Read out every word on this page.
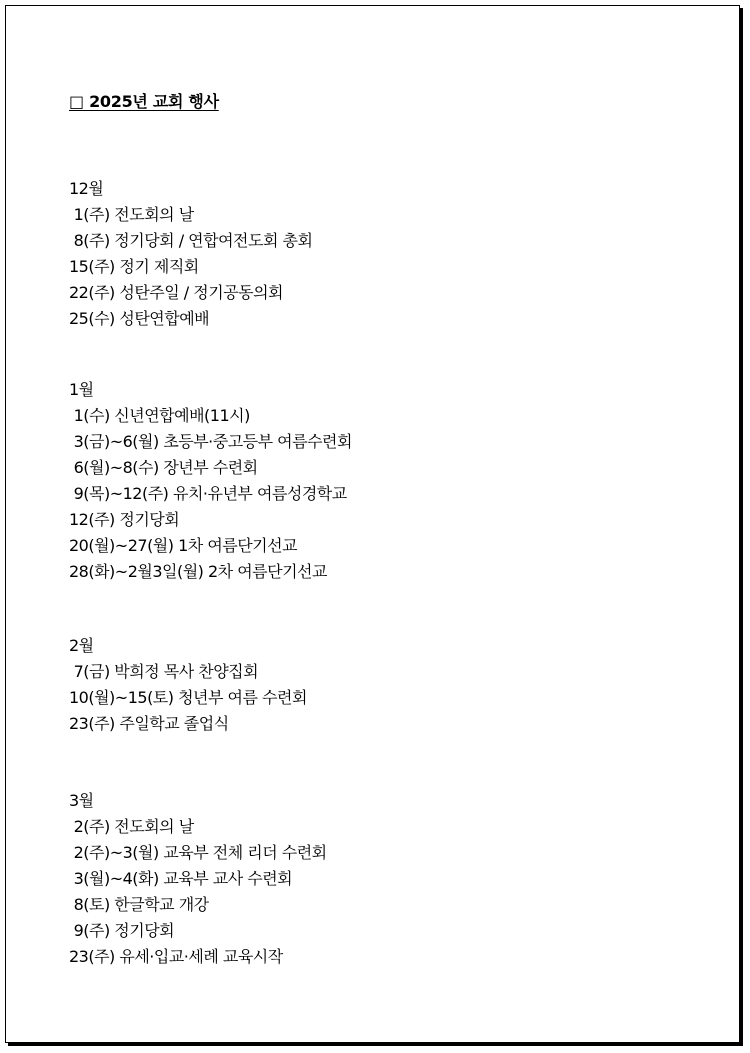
□ 2025년 교회 행사
12월
1(주) 전도회의 날
8(주) 정기당회 / 연합여전도회 총회
15(주) 정기 제직회
22(주) 성탄주일 / 정기공동의회
25(수) 성탄연합예배
1월
1(수) 신년연합예배(11시)
3(금)~6(월) 초등부·중고등부 여름수련회
6(월)~8(수) 장년부 수련회
9(목)~12(주) 유치·유년부 여름성경학교
12(주) 정기당회
20(월)~27(월) 1차 여름단기선교
28(화)~2월3일(월) 2차 여름단기선교
2월
7(금) 박희정 목사 찬양집회
10(월)~15(토) 청년부 여름 수련회
23(주) 주일학교 졸업식
3월
2(주) 전도회의 날
2(주)~3(월) 교육부 전체 리더 수련회
3(월)~4(화) 교육부 교사 수련회
8(토) 한글학교 개강
9(주) 정기당회
23(주) 유세·입교·세례 교육시작
